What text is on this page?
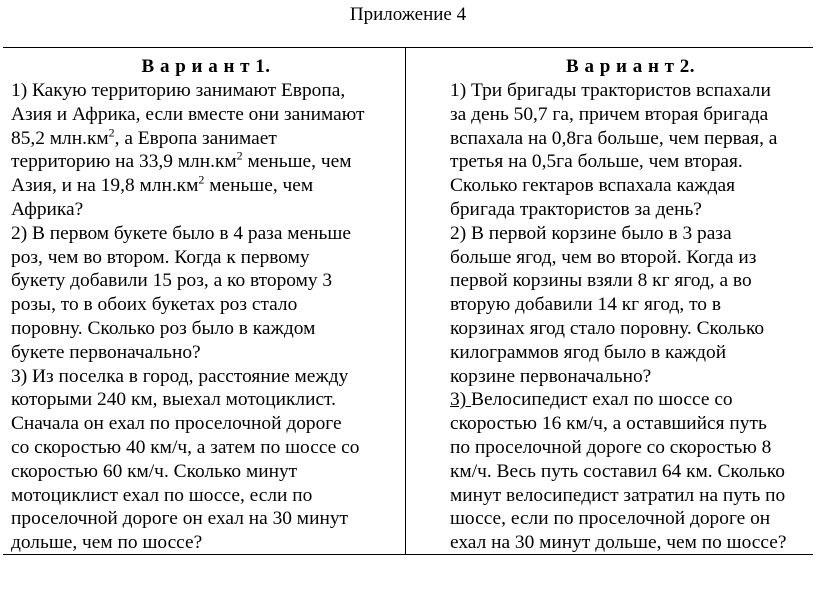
Приложение 4
В а р и а н т 1.
1) Какую территорию занимают Европа,
Азия и Африка, если вместе они занимают
85,2 $млн.км^2$, а Европа занимает
территорию на 33,9 $млн.км^2$ меньше, чем
Азия, и на 19,8 $млн.км^2$ меньше, чем
Африка?
2) В первом букете было в 4 раза меньше
роз, чем во втором. Когда к первому
букету добавили 15 роз, а ко второму 3
розы, то в обоих букетах роз стало
поровну. Сколько роз было в каждом
букете первоначально?
3) Из поселка в город, расстояние между
которыми 240 км, выехал мотоциклист.
Сначала он ехал по проселочной дороге
со скоростью 40 км/ч, а затем по шоссе со
скоростью 60 км/ч. Сколько минут
мотоциклист ехал по шоссе, если по
проселочной дороге он ехал на 30 минут
дольше, чем по шоссе?
В а р и а н т 2.
1) Три бригады трактористов вспахали
за день 50,7 га, причем вторая бригада
вспахала на 0,8га больше, чем первая, а
третья на 0,5га больше, чем вторая.
Сколько гектаров вспахала каждая
бригада трактористов за день?
2) В первой корзине было в 3 раза
больше ягод, чем во второй. Когда из
первой корзины взяли 8 кг ягод, а во
вторую добавили 14 кг ягод, то в
корзинах ягод стало поровну. Сколько
килограммов ягод было в каждой
корзине первоначально?
3) Велосипедист ехал по шоссе со
скоростью 16 км/ч, а оставшийся путь
по проселочной дороге со скоростью 8
км/ч. Весь путь составил 64 км. Сколько
минут велосипедист затратил на путь по
шоссе, если по проселочной дороге он
ехал на 30 минут дольше, чем по шоссе?
